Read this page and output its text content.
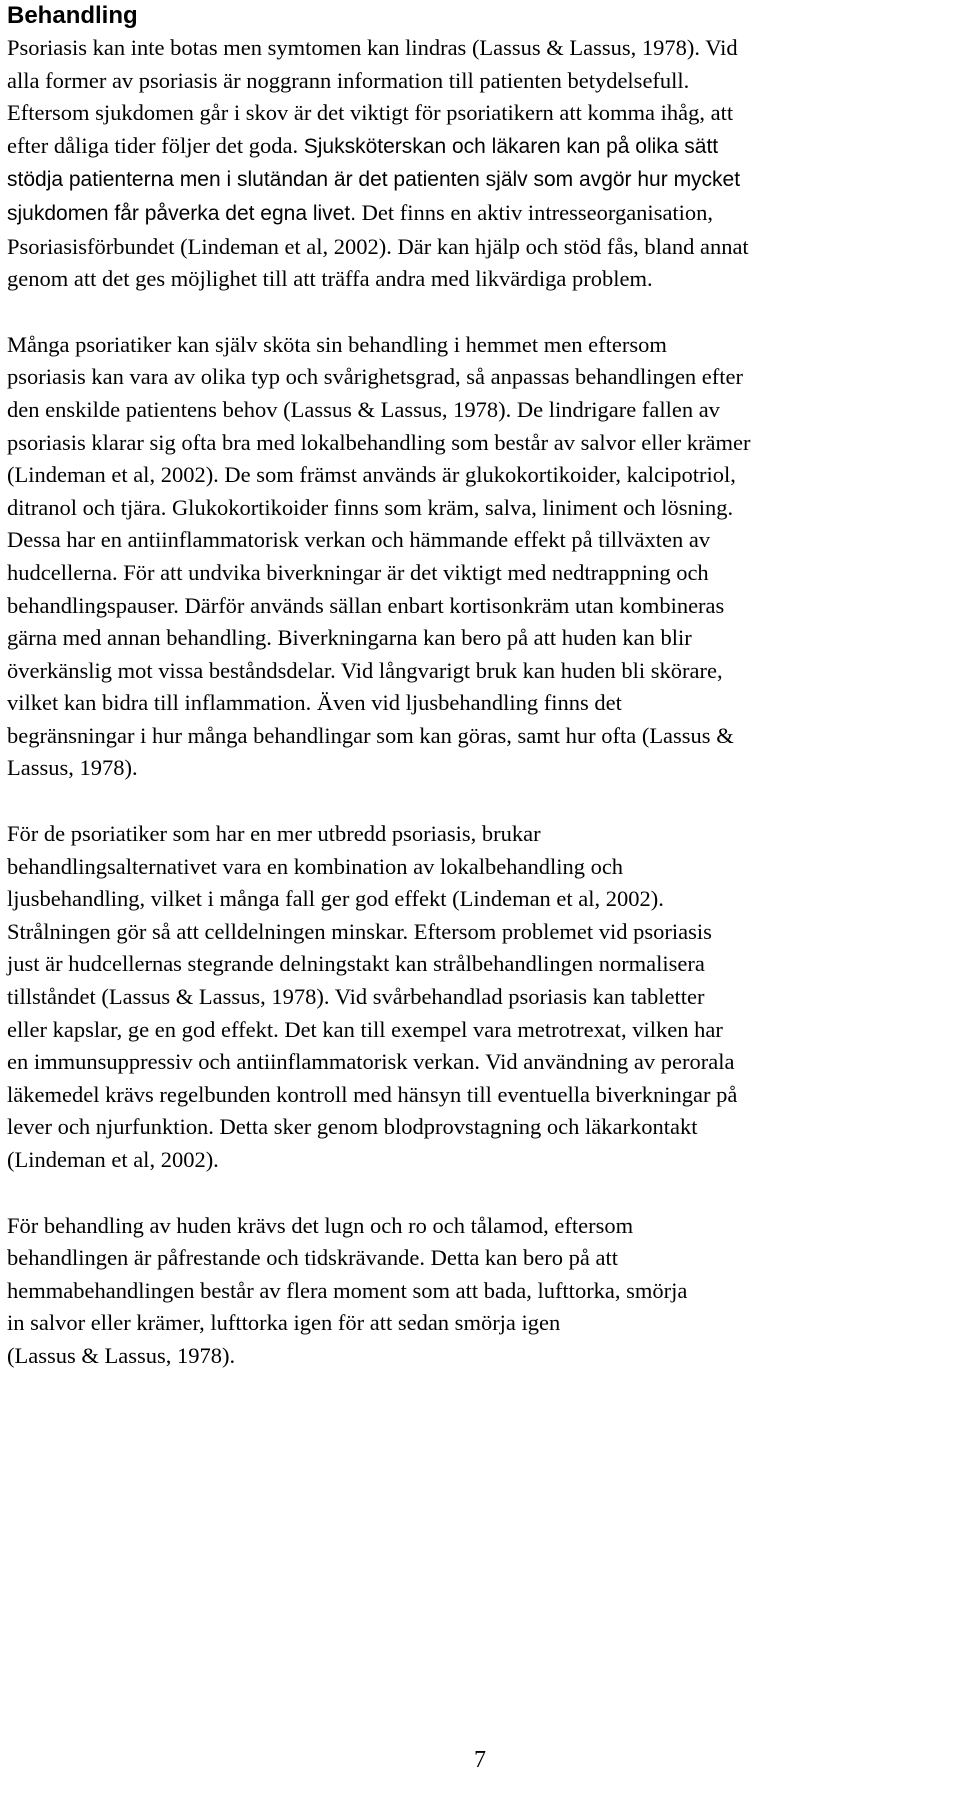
Behandling
Psoriasis kan inte botas men symtomen kan lindras (Lassus & Lassus, 1978). Vid
alla former av psoriasis är noggrann information till patienten betydelsefull.
Eftersom sjukdomen går i skov är det viktigt för psoriatikern att komma ihåg, att
efter dåliga tider följer det goda. Sjuksköterskan och läkaren kan på olika sätt
stödja patienterna men i slutändan är det patienten själv som avgör hur mycket
sjukdomen får påverka det egna livet. Det finns en aktiv intresseorganisation,
Psoriasisförbundet (Lindeman et al, 2002). Där kan hjälp och stöd fås, bland annat
genom att det ges möjlighet till att träffa andra med likvärdiga problem.
Många psoriatiker kan själv sköta sin behandling i hemmet men eftersom
psoriasis kan vara av olika typ och svårighetsgrad, så anpassas behandlingen efter
den enskilde patientens behov (Lassus & Lassus, 1978). De lindrigare fallen av
psoriasis klarar sig ofta bra med lokalbehandling som består av salvor eller krämer
(Lindeman et al, 2002). De som främst används är glukokortikoider, kalcipotriol,
ditranol och tjära. Glukokortikoider finns som kräm, salva, liniment och lösning.
Dessa har en antiinflammatorisk verkan och hämmande effekt på tillväxten av
hudcellerna. För att undvika biverkningar är det viktigt med nedtrappning och
behandlingspauser. Därför används sällan enbart kortisonkräm utan kombineras
gärna med annan behandling. Biverkningarna kan bero på att huden kan blir
överkänslig mot vissa beståndsdelar. Vid långvarigt bruk kan huden bli skörare,
vilket kan bidra till inflammation. Även vid ljusbehandling finns det
begränsningar i hur många behandlingar som kan göras, samt hur ofta (Lassus &
Lassus, 1978).
För de psoriatiker som har en mer utbredd psoriasis, brukar
behandlingsalternativet vara en kombination av lokalbehandling och
ljusbehandling, vilket i många fall ger god effekt (Lindeman et al, 2002).
Strålningen gör så att celldelningen minskar. Eftersom problemet vid psoriasis
just är hudcellernas stegrande delningstakt kan strålbehandlingen normalisera
tillståndet (Lassus & Lassus, 1978). Vid svårbehandlad psoriasis kan tabletter
eller kapslar, ge en god effekt. Det kan till exempel vara metrotrexat, vilken har
en immunsuppressiv och antiinflammatorisk verkan. Vid användning av perorala
läkemedel krävs regelbunden kontroll med hänsyn till eventuella biverkningar på
lever och njurfunktion. Detta sker genom blodprovstagning och läkarkontakt
(Lindeman et al, 2002).
För behandling av huden krävs det lugn och ro och tålamod, eftersom
behandlingen är påfrestande och tidskrävande. Detta kan bero på att
hemmabehandlingen består av flera moment som att bada, lufttorka, smörja
in salvor eller krämer, lufttorka igen för att sedan smörja igen
(Lassus & Lassus, 1978).
7
